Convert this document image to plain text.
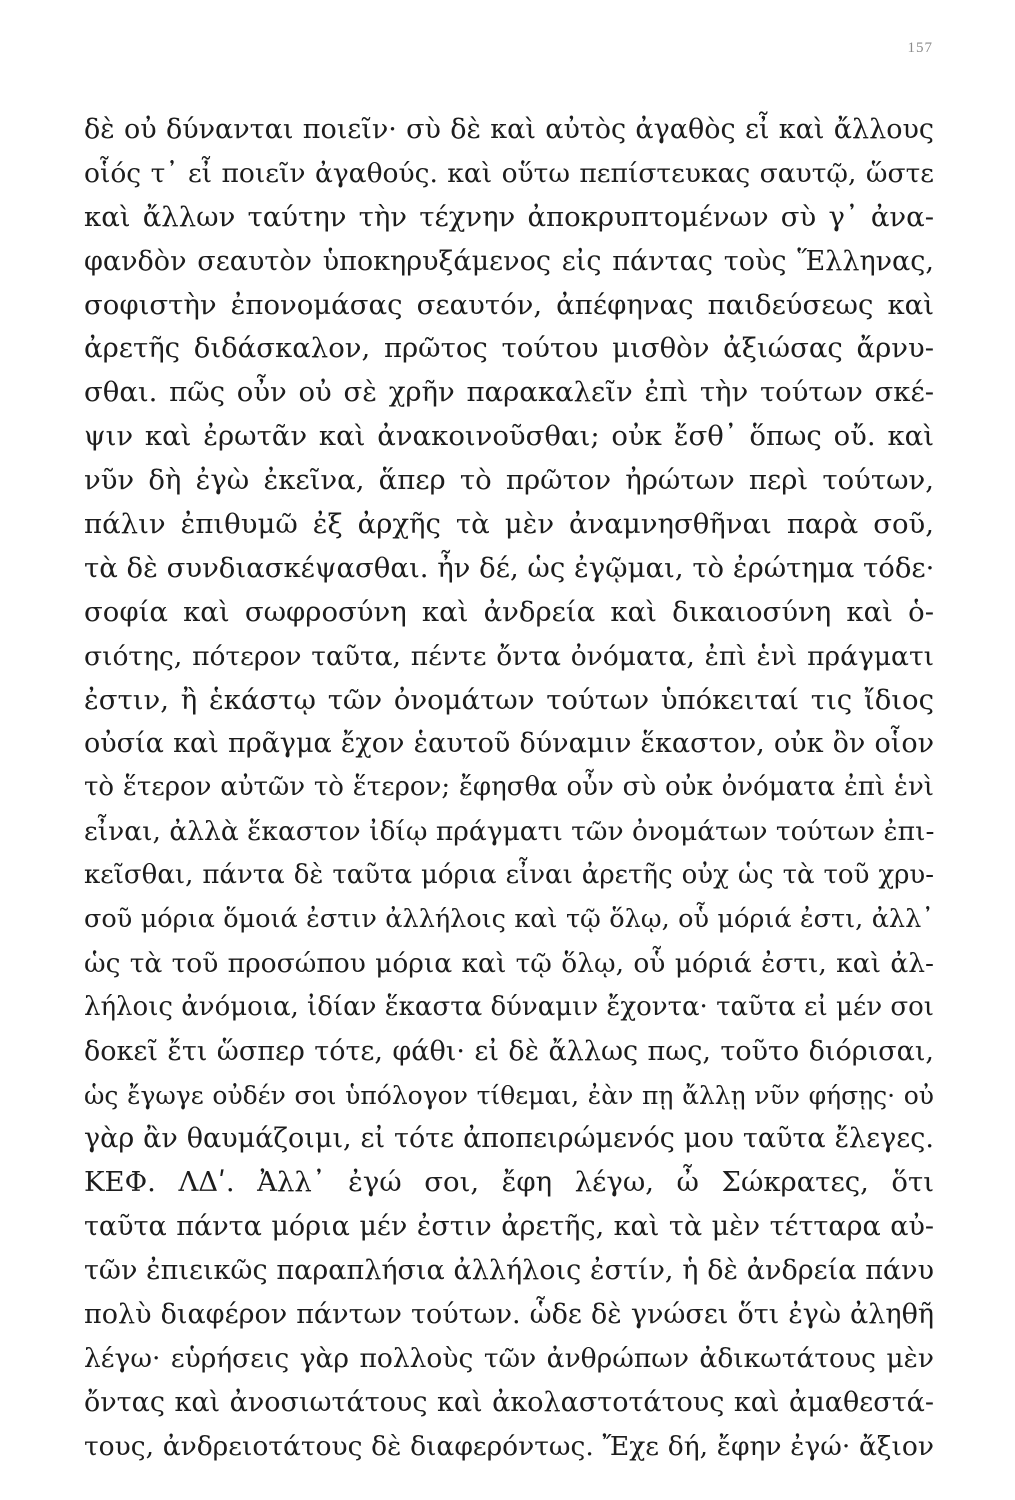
157
δὲ οὐ δύνανται ποιεῖν· σὺ δὲ καὶ αὐτὸς ἀγαθὸς εἶ καὶ ἄλλους
οἷός τ᾽ εἶ ποιεῖν ἀγαθούς. καὶ οὕτω πεπίστευκας σαυτῷ, ὥστε
καὶ ἄλλων ταύτην τὴν τέχνην ἀποκρυπτομένων σὺ γ᾽ ἀνα-
φανδὸν σεαυτὸν ὑποκηρυξάμενος εἰς πάντας τοὺς Ἕλληνας,
σοφιστὴν ἐπονομάσας σεαυτόν, ἀπέφηνας παιδεύσεως καὶ
ἀρετῆς διδάσκαλον, πρῶτος τούτου μισθὸν ἀξιώσας ἄρνυ-
σθαι. πῶς οὖν οὐ σὲ χρῆν παρακαλεῖν ἐπὶ τὴν τούτων σκέ-
ψιν καὶ ἐρωτᾶν καὶ ἀνακοινοῦσθαι; οὐκ ἔσθ᾽ ὅπως οὔ. καὶ
νῦν δὴ ἐγὼ ἐκεῖνα, ἅπερ τὸ πρῶτον ἠρώτων περὶ τούτων,
πάλιν ἐπιθυμῶ ἐξ ἀρχῆς τὰ μὲν ἀναμνησθῆναι παρὰ σοῦ,
τὰ δὲ συνδιασκέψασθαι. ἦν δέ, ὡς ἐγῷμαι, τὸ ἐρώτημα τόδε·
σοφία καὶ σωφροσύνη καὶ ἀνδρεία καὶ δικαιοσύνη καὶ ὁ-
σιότης, πότερον ταῦτα, πέντε ὄντα ὀνόματα, ἐπὶ ἑνὶ πράγματι
ἐστιν, ἢ ἑκάστῳ τῶν ὀνομάτων τούτων ὑπόκειταί τις ἴδιος
οὐσία καὶ πρᾶγμα ἔχον ἑαυτοῦ δύναμιν ἕκαστον, οὐκ ὂν οἷον
τὸ ἕτερον αὐτῶν τὸ ἕτερον; ἔφησθα οὖν σὺ οὐκ ὀνόματα ἐπὶ ἑνὶ
εἶναι, ἀλλὰ ἕκαστον ἰδίῳ πράγματι τῶν ὀνομάτων τούτων ἐπι-
κεῖσθαι, πάντα δὲ ταῦτα μόρια εἶναι ἀρετῆς οὐχ ὡς τὰ τοῦ χρυ-
σοῦ μόρια ὅμοιά ἐστιν ἀλλήλοις καὶ τῷ ὅλῳ, οὗ μόριά ἐστι, ἀλλ᾽
ὡς τὰ τοῦ προσώπου μόρια καὶ τῷ ὅλῳ, οὗ μόριά ἐστι, καὶ ἀλ-
λήλοις ἀνόμοια, ἰδίαν ἕκαστα δύναμιν ἔχοντα· ταῦτα εἰ μέν σοι
δοκεῖ ἔτι ὥσπερ τότε, φάθι· εἰ δὲ ἄλλως πως, τοῦτο διόρισαι,
ὡς ἔγωγε οὐδέν σοι ὑπόλογον τίθεμαι, ἐὰν πῃ ἄλλῃ νῦν φήσῃς· οὐ
γὰρ ἂν θαυμάζοιμι, εἰ τότε ἀποπειρώμενός μου ταῦτα ἔλεγες.
ΚΕΦ. ΛΔʹ. Ἀλλ᾽ ἐγώ σοι, ἔφη λέγω, ὦ Σώκρατες, ὅτι
ταῦτα πάντα μόρια μέν ἐστιν ἀρετῆς, καὶ τὰ μὲν τέτταρα αὐ-
τῶν ἐπιεικῶς παραπλήσια ἀλλήλοις ἐστίν, ἡ δὲ ἀνδρεία πάνυ
πολὺ διαφέρον πάντων τούτων. ὧδε δὲ γνώσει ὅτι ἐγὼ ἀληθῆ
λέγω· εὑρήσεις γὰρ πολλοὺς τῶν ἀνθρώπων ἀδικωτάτους μὲν
ὄντας καὶ ἀνοσιωτάτους καὶ ἀκολαστοτάτους καὶ ἀμαθεστά-
τους, ἀνδρειοτάτους δὲ διαφερόντως. Ἔχε δή, ἔφην ἐγώ· ἄξιον
